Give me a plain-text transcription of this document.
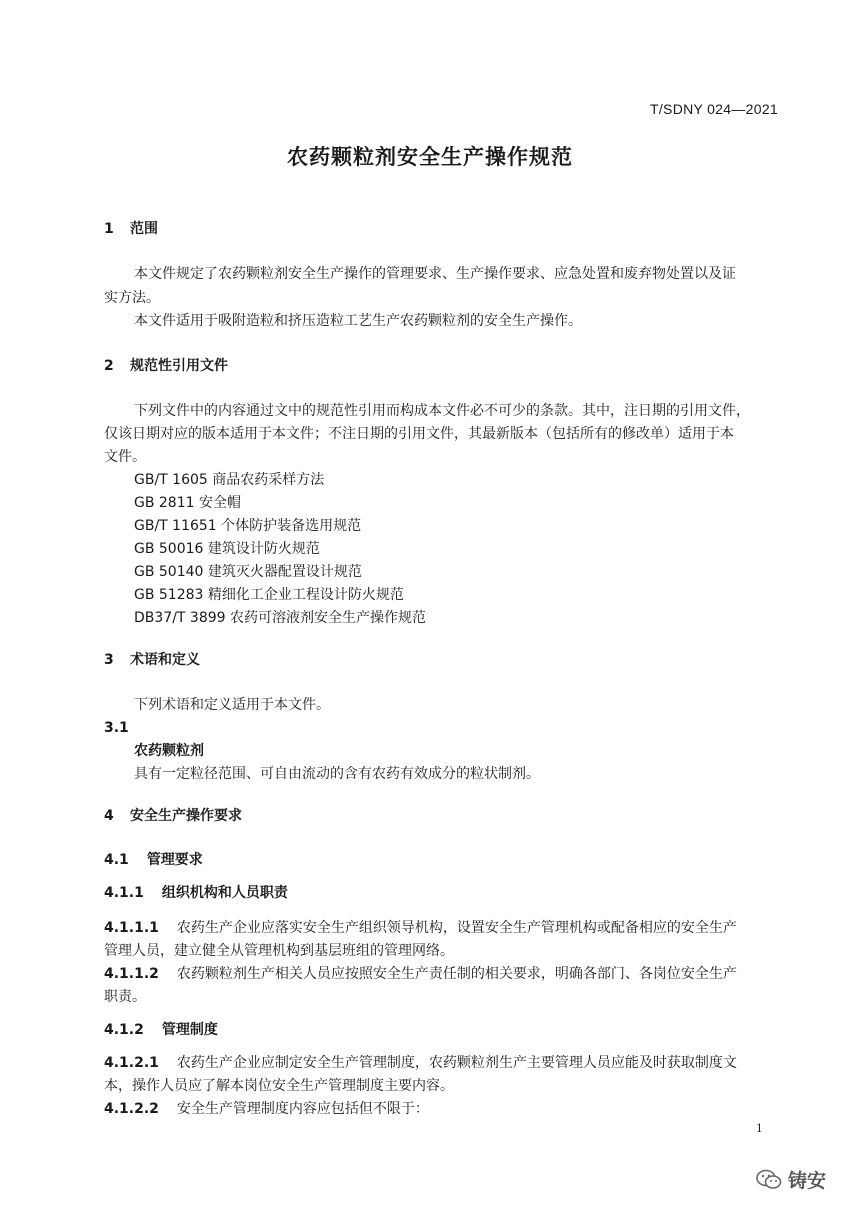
T/SDNY 024—2021
农药颗粒剂安全生产操作规范
1 范围
本文件规定了农药颗粒剂安全生产操作的管理要求、生产操作要求、应急处置和废弃物处置以及证
实方法。
本文件适用于吸附造粒和挤压造粒工艺生产农药颗粒剂的安全生产操作。
2 规范性引用文件
下列文件中的内容通过文中的规范性引用而构成本文件必不可少的条款。其中，注日期的引用文件，
仅该日期对应的版本适用于本文件；不注日期的引用文件，其最新版本（包括所有的修改单）适用于本
文件。
GB/T 1605 商品农药采样方法
GB 2811 安全帽
GB/T 11651 个体防护装备选用规范
GB 50016 建筑设计防火规范
GB 50140 建筑灭火器配置设计规范
GB 51283 精细化工企业工程设计防火规范
DB37/T 3899 农药可溶液剂安全生产操作规范
3 术语和定义
下列术语和定义适用于本文件。
3.1
农药颗粒剂
具有一定粒径范围、可自由流动的含有农药有效成分的粒状制剂。
4 安全生产操作要求
4.1 管理要求
4.1.1 组织机构和人员职责
4.1.1.1 农药生产企业应落实安全生产组织领导机构，设置安全生产管理机构或配备相应的安全生产
管理人员，建立健全从管理机构到基层班组的管理网络。
4.1.1.2 农药颗粒剂生产相关人员应按照安全生产责任制的相关要求，明确各部门、各岗位安全生产
职责。
4.1.2 管理制度
4.1.2.1 农药生产企业应制定安全生产管理制度，农药颗粒剂生产主要管理人员应能及时获取制度文
本，操作人员应了解本岗位安全生产管理制度主要内容。
4.1.2.2 安全生产管理制度内容应包括但不限于：
1
铸安
